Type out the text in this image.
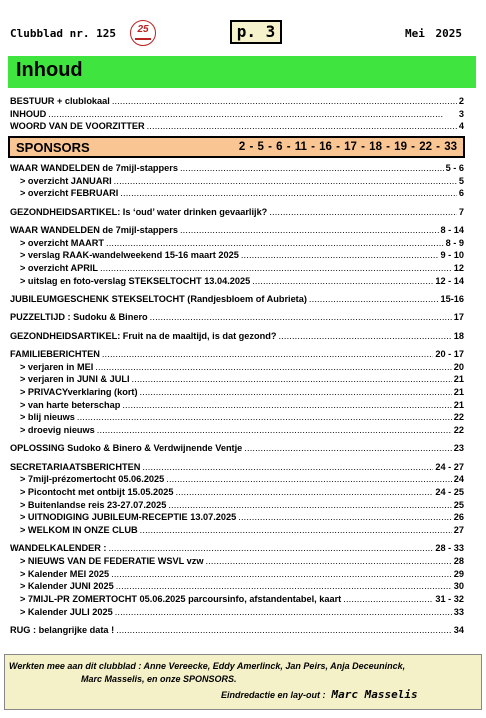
Clubblad nr. 125	25	p. 3	Mei 2025
Inhoud
BESTUUR + clublokaal . . .	2
INHOUD . . .	3
WOORD VAN DE VOORZITTER . . .	4
SPONSORS	2 - 5 - 6 - 11 - 16 - 17 - 18 - 19 - 22 - 33
WAAR WANDELDEN de 7mijl-stappers . . .	5 - 6
> overzicht JANUARI . . .	5
> overzicht FEBRUARI . . .	6
GEZONDHEIDSARTIKEL: Is ‘oud’ water drinken gevaarlijk? . . .	7
WAAR WANDELDEN de 7mijl-stappers . . .	8 - 14
> overzicht MAART . . .	8 - 9
> verslag RAAK-wandelweekend 15-16 maart 2025 . . .	9 - 10
> overzicht APRIL . . .	12
> uitslag en foto-verslag STEKSELTOCHT 13.04.2025 . . .	12 - 14
JUBILEUMGESCHENK STEKSELTOCHT (Randjesbloem of Aubrieta) . . .	15-16
PUZZELTIJD : Sudoku & Binero . . .	17
GEZONDHEIDSARTIKEL: Fruit na de maaltijd, is dat gezond? . . .	18
FAMILIEBERICHTEN . . .	20 - 17
> verjaren in MEI . . .	20
> verjaren in JUNI & JULI . . .	21
> PRIVACYverklaring (kort) . . .	21
> van harte beterschap . . .	21
> blij nieuws . . .	22
> droevig nieuws . . .	22
OPLOSSING Sudoko & Binero & Verdwijnende Ventje . . .	23
SECRETARIAATSBERICHTEN . . .	24 - 27
> 7mijl-prézomertocht 05.06.2025 . . .	24
> Picontocht met ontbijt 15.05.2025 . . .	24 - 25
> Buitenlandse reis 23-27.07.2025 . . .	25
> UITNODIGING JUBILEUM-RECEPTIE 13.07.2025 . . .	26
> WELKOM IN ONZE CLUB . . .	27
WANDELKALENDER : . . .	28 - 33
> NIEUWS VAN DE FEDERATIE WSVL vzw . . .	28
> Kalender MEI 2025 . . .	29
> Kalender JUNI 2025 . . .	30
> 7MIJL-PR ZOMERTOCHT 05.06.2025 parcoursinfo, afstandentabel, kaart . . .	31 - 32
> Kalender JULI 2025 . . .	33
RUG : belangrijke data ! . . .	34
Werkten mee aan dit clubblad : Anne Vereecke, Eddy Amerlinck, Jan Peirs, Anja Deceuninck,
Marc Masselis, en onze SPONSORS.
Eindredactie en lay-out : Marc Masselis
